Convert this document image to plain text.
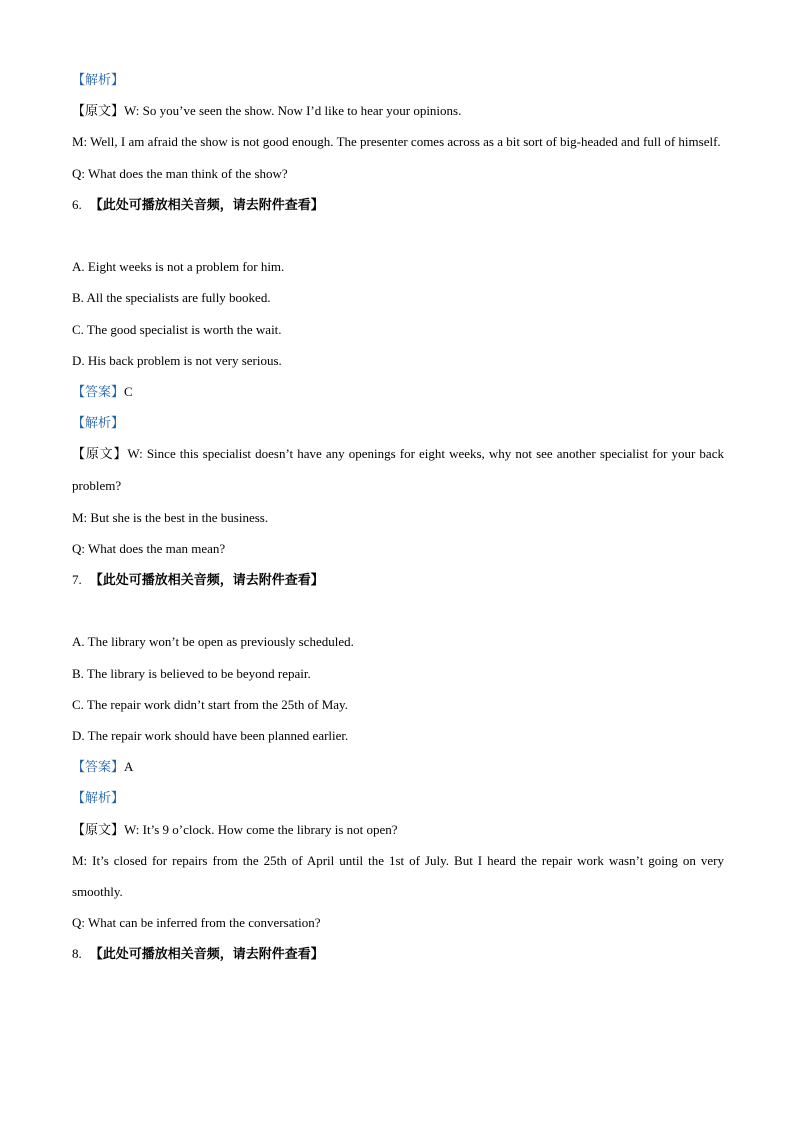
【解析】
【原文】W: So you’ve seen the show. Now I’d like to hear your opinions.
M: Well, I am afraid the show is not good enough. The presenter comes across as a bit sort of big-headed and full of himself.
Q: What does the man think of the show?
6. 【此处可播放相关音频，请去附件查看】
A. Eight weeks is not a problem for him.
B. All the specialists are fully booked.
C. The good specialist is worth the wait.
D. His back problem is not very serious.
【答案】C
【解析】
【原文】W: Since this specialist doesn’t have any openings for eight weeks, why not see another specialist for your back problem?
M: But she is the best in the business.
Q: What does the man mean?
7. 【此处可播放相关音频，请去附件查看】
A. The library won’t be open as previously scheduled.
B. The library is believed to be beyond repair.
C. The repair work didn’t start from the 25th of May.
D. The repair work should have been planned earlier.
【答案】A
【解析】
【原文】W: It’s 9 o’clock. How come the library is not open?
M: It’s closed for repairs from the 25th of April until the 1st of July. But I heard the repair work wasn’t going on very smoothly.
Q: What can be inferred from the conversation?
8. 【此处可播放相关音频，请去附件查看】
